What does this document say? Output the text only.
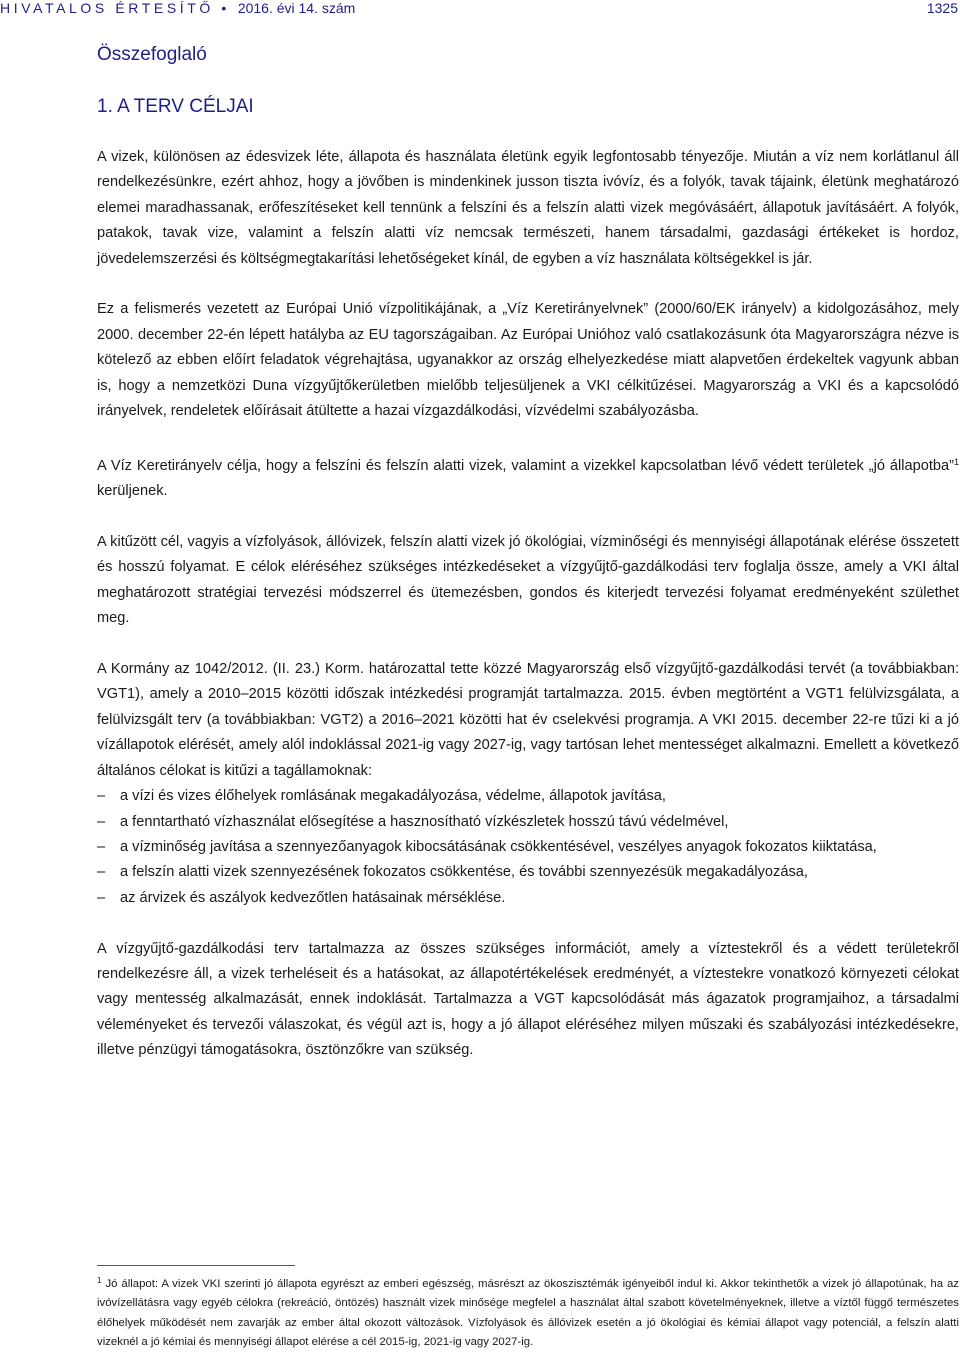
HIVATALOS ÉRTESÍTŐ • 2016. évi 14. szám	1325
Összefoglaló
1. A TERV CÉLJAI

A vizek, különösen az édesvizek léte, állapota és használata életünk egyik legfontosabb tényezője. Miután a víz nem korlátlanul áll rendelkezésünkre, ezért ahhoz, hogy a jövőben is mindenkinek jusson tiszta ivóvíz, és a folyók, tavak tájaink, életünk meghatározó elemei maradhassanak, erőfeszítéseket kell tennünk a felszíni és a felszín alatti vizek megóvásáért, állapotuk javításáért. A folyók, patakok, tavak vize, valamint a felszín alatti víz nemcsak természeti, hanem társadalmi, gazdasági értékeket is hordoz, jövedelemszerzési és költségmegtakarítási lehetőségeket kínál, de egyben a víz használata költségekkel is jár.

Ez a felismerés vezetett az Európai Unió vízpolitikájának, a „Víz Keretirányelvnek” (2000/60/EK irányelv) a kidolgozásához, mely 2000. december 22-én lépett hatályba az EU tagországaiban. Az Európai Unióhoz való csatlakozásunk óta Magyarországra nézve is kötelező az ebben előírt feladatok végrehajtása, ugyanakkor az ország elhelyezkedése miatt alapvetően érdekeltek vagyunk abban is, hogy a nemzetközi Duna vízgyűjtőkerületben mielőbb teljesüljenek a VKI célkitűzései. Magyarország a VKI és a kapcsolódó irányelvek, rendeletek előírásait átültette a hazai vízgazdálkodási, vízvédelmi szabályozásba.

A Víz Keretirányelv célja, hogy a felszíni és felszín alatti vizek, valamint a vizekkel kapcsolatban lévő védett területek „jó állapotba”$^1$ kerüljenek.

A kitűzött cél, vagyis a vízfolyások, állóvizek, felszín alatti vizek jó ökológiai, vízminőségi és mennyiségi állapotának elérése összetett és hosszú folyamat. E célok eléréséhez szükséges intézkedéseket a vízgyűjtő-gazdálkodási terv foglalja össze, amely a VKI által meghatározott stratégiai tervezési módszerrel és ütemezésben, gondos és kiterjedt tervezési folyamat eredményeként születhet meg.

A Kormány az 1042/2012. (II. 23.) Korm. határozattal tette közzé Magyarország első vízgyűjtő-gazdálkodási tervét (a továbbiakban: VGT1), amely a 2010–2015 közötti időszak intézkedési programját tartalmazza. 2015. évben megtörtént a VGT1 felülvizsgálata, a felülvizsgált terv (a továbbiakban: VGT2) a 2016–2021 közötti hat év cselekvési programja. A VKI 2015. december 22-re tűzi ki a jó vízállapotok elérését, amely alól indoklással 2021-ig vagy 2027-ig, vagy tartósan lehet mentességet alkalmazni. Emellett a következő általános célokat is kitűzi a tagállamoknak:

– a vízi és vizes élőhelyek romlásának megakadályozása, védelme, állapotok javítása,
– a fenntartható vízhasználat elősegítése a hasznosítható vízkészletek hosszú távú védelmével,
– a vízminőség javítása a szennyezőanyagok kibocsátásának csökkentésével, veszélyes anyagok fokozatos kiiktatása,
– a felszín alatti vizek szennyezésének fokozatos csökkentése, és további szennyezésük megakadályozása,
– az árvizek és aszályok kedvezőtlen hatásainak mérséklése.

A vízgyűjtő-gazdálkodási terv tartalmazza az összes szükséges információt, amely a víztestekről és a védett területekről rendelkezésre áll, a vizek terheléseit és a hatásokat, az állapotértékelések eredményét, a víztestekre vonatkozó környezeti célokat vagy mentesség alkalmazását, ennek indoklását. Tartalmazza a VGT kapcsolódását más ágazatok programjaihoz, a társadalmi véleményeket és tervezői válaszokat, és végül azt is, hogy a jó állapot eléréséhez milyen műszaki és szabályozási intézkedésekre, illetve pénzügyi támogatásokra, ösztönzőkre van szükség.

$^1$ Jó állapot: A vizek VKI szerinti jó állapota egyrészt az emberi egészség, másrészt az ökoszisztémák igényeiből indul ki. Akkor tekinthetők a vizek jó állapotúnak, ha az ivóvízellátásra vagy egyéb célokra (rekreáció, öntözés) használt vizek minősége megfelel a használat által szabott követelményeknek, illetve a víztől függő természetes élőhelyek működését nem zavarják az ember által okozott változások. Vízfolyások és állóvizek esetén a jó ökológiai és kémiai állapot vagy potenciál, a felszín alatti vizeknél a jó kémiai és mennyiségi állapot elérése a cél 2015-ig, 2021-ig vagy 2027-ig.
